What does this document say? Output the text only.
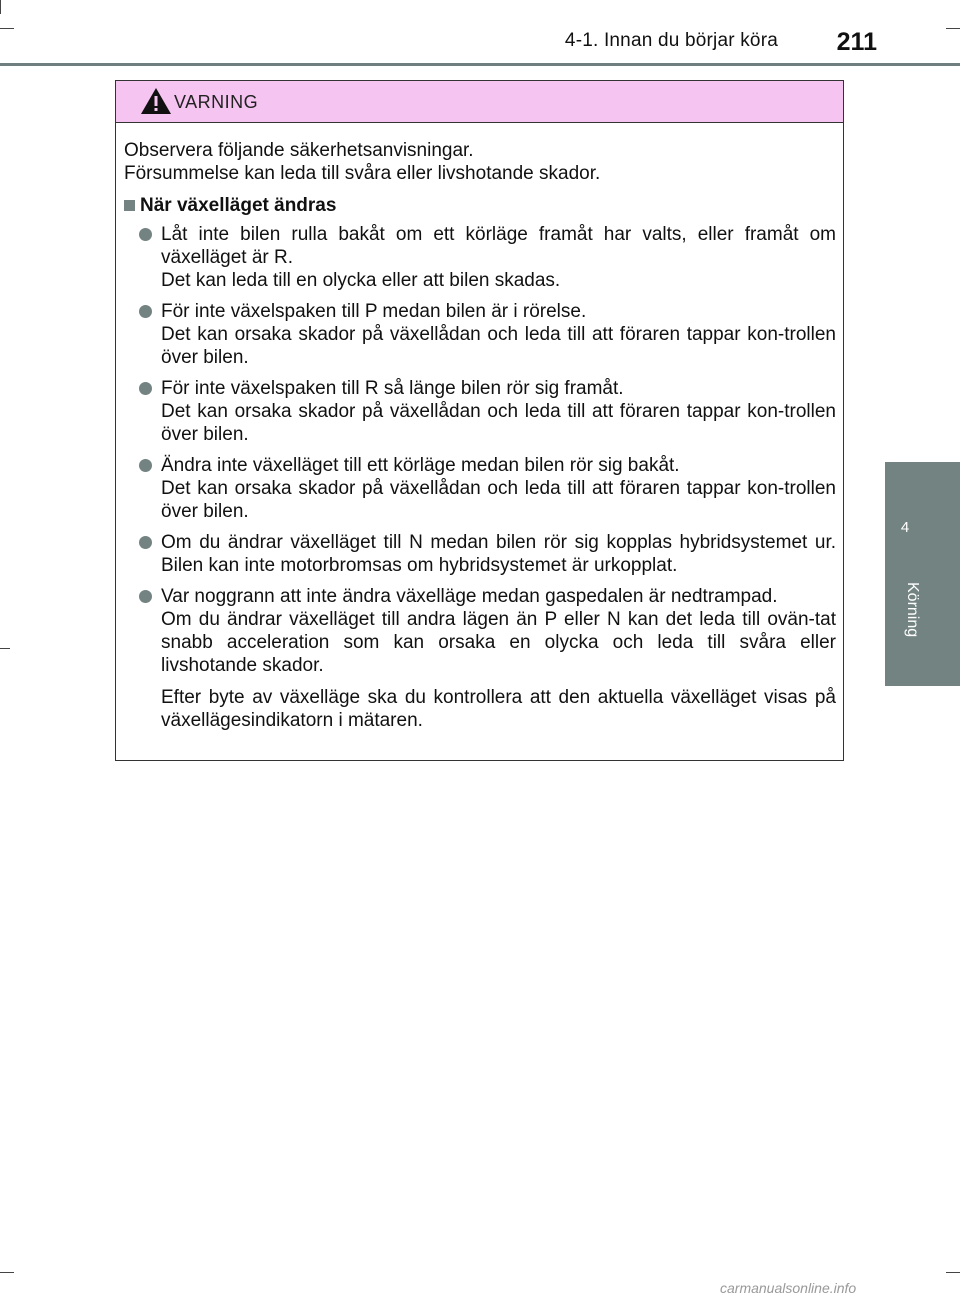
4-1. Innan du börjar köra 211
4
Körning
VARNING

Observera följande säkerhetsanvisningar.
Försummelse kan leda till svåra eller livshotande skador.

När växelläget ändras

Låt inte bilen rulla bakåt om ett körläge framåt har valts, eller framåt om växelläget är R.

Det kan leda till en olycka eller att bilen skadas.

För inte växelspaken till P medan bilen är i rörelse.

Det kan orsaka skador på växellådan och leda till att föraren tappar kon-trollen över bilen.

För inte växelspaken till R så länge bilen rör sig framåt.

Det kan orsaka skador på växellådan och leda till att föraren tappar kon-trollen över bilen.

Ändra inte växelläget till ett körläge medan bilen rör sig bakåt.

Det kan orsaka skador på växellådan och leda till att föraren tappar kon-trollen över bilen.

Om du ändrar växelläget till N medan bilen rör sig kopplas hybridsystemet ur. Bilen kan inte motorbromsas om hybridsystemet är urkopplat.

Var noggrann att inte ändra växelläge medan gaspedalen är nedtrampad.

Om du ändrar växelläget till andra lägen än P eller N kan det leda till ovän-tat snabb acceleration som kan orsaka en olycka och leda till svåra eller livshotande skador.

Efter byte av växelläge ska du kontrollera att den aktuella växelläget visas på växellägesindikatorn i mätaren.

carmanualsonline.info
